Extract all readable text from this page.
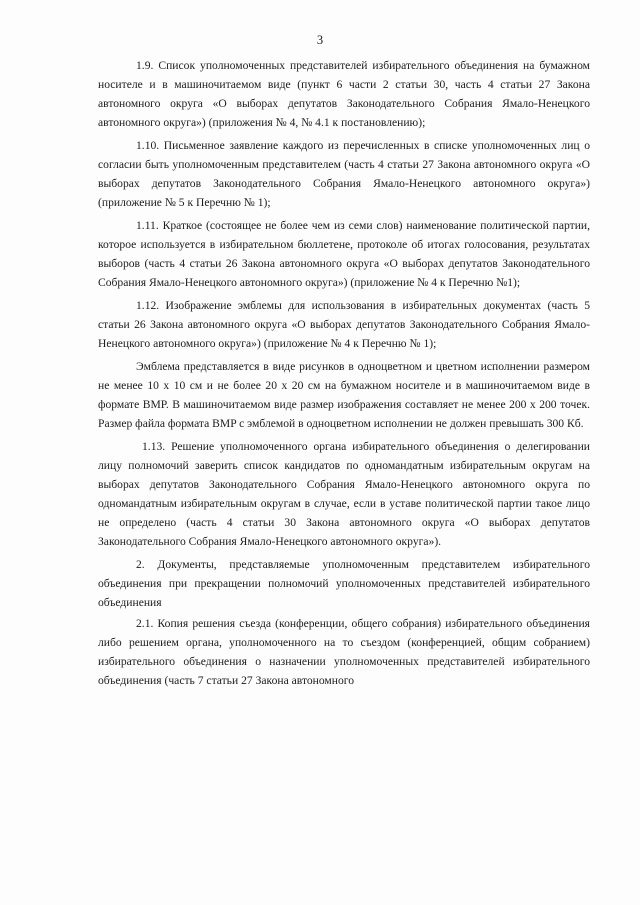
3

1.9. Список уполномоченных представителей избирательного объединения на бумажном носителе и в машиночитаемом виде (пункт 6 части 2 статьи 30, часть 4 статьи 27 Закона автономного округа «О выборах депутатов Законодательного Собрания Ямало-Ненецкого автономного округа») (приложения № 4, № 4.1 к постановлению);

1.10. Письменное заявление каждого из перечисленных в списке уполномоченных лиц о согласии быть уполномоченным представителем (часть 4 статьи 27 Закона автономного округа «О выборах депутатов Законодательного Собрания Ямало-Ненецкого автономного округа») (приложение № 5 к Перечню № 1);

1.11. Краткое (состоящее не более чем из семи слов) наименование политической партии, которое используется в избирательном бюллетене, протоколе об итогах голосования, результатах выборов (часть 4 статьи 26 Закона автономного округа «О выборах депутатов Законодательного Собрания Ямало-Ненецкого автономного округа») (приложение № 4 к Перечню №1);

1.12. Изображение эмблемы для использования в избирательных документах (часть 5 статьи 26 Закона автономного округа «О выборах депутатов Законодательного Собрания Ямало-Ненецкого автономного округа») (приложение № 4 к Перечню № 1);

Эмблема представляется в виде рисунков в одноцветном и цветном исполнении размером не менее 10 х 10 см и не более 20 х 20 см на бумажном носителе и в машиночитаемом виде в формате BMP. В машиночитаемом виде размер изображения составляет не менее 200 х 200 точек. Размер файла формата BMP с эмблемой в одноцветном исполнении не должен превышать 300 Кб.

1.13. Решение уполномоченного органа избирательного объединения о делегировании лицу полномочий заверить список кандидатов по одномандатным избирательным округам на выборах депутатов Законодательного Собрания Ямало-Ненецкого автономного округа по одномандатным избирательным округам в случае, если в уставе политической партии такое лицо не определено (часть 4 статьи 30 Закона автономного округа «О выборах депутатов Законодательного Собрания Ямало-Ненецкого автономного округа»).

2. Документы, представляемые уполномоченным представителем избирательного объединения при прекращении полномочий уполномоченных представителей избирательного объединения

2.1. Копия решения съезда (конференции, общего собрания) избирательного объединения либо решением органа, уполномоченного на то съездом (конференцией, общим собранием) избирательного объединения о назначении уполномоченных представителей избирательного объединения (часть 7 статьи 27 Закона автономного
